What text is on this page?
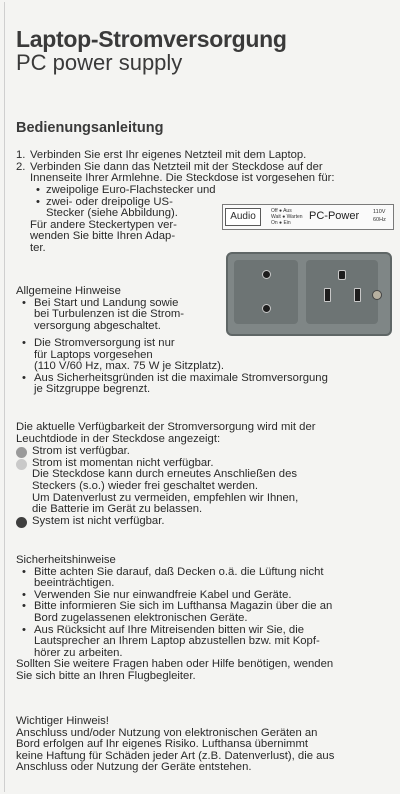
Laptop-Stromversorgung
PC power supply
Bedienungsanleitung
1. Verbinden Sie erst Ihr eigenes Netzteil mit dem Laptop.
2. Verbinden Sie dann das Netzteil mit der Steckdose auf der
Innenseite Ihrer Armlehne. Die Steckdose ist vorgesehen für:
• zweipolige Euro-Flachstecker und
• zwei- oder dreipolige US-
Stecker (siehe Abbildung).
Für andere Steckertypen ver-
wenden Sie bitte Ihren Adap-
ter.
Audio	Off ● Aus
Wait ● Warten
On ● Ein
PC-Power	110V
60Hz
Allgemeine Hinweise
• Bei Start und Landung sowie
bei Turbulenzen ist die Strom-
versorgung abgeschaltet.
• Die Stromversorgung ist nur
für Laptops vorgesehen
(110 V/60 Hz, max. 75 W je Sitzplatz).
• Aus Sicherheitsgründen ist die maximale Stromversorgung
je Sitzgruppe begrenzt.
Die aktuelle Verfügbarkeit der Stromversorgung wird mit der
Leuchtdiode in der Steckdose angezeigt:
Strom ist verfügbar.
Strom ist momentan nicht verfügbar.
Die Steckdose kann durch erneutes Anschließen des
Steckers (s.o.) wieder frei geschaltet werden.
Um Datenverlust zu vermeiden, empfehlen wir Ihnen,
die Batterie im Gerät zu belassen.
System ist nicht verfügbar.
Sicherheitshinweise
• Bitte achten Sie darauf, daß Decken o.ä. die Lüftung nicht
beeinträchtigen.
• Verwenden Sie nur einwandfreie Kabel und Geräte.
• Bitte informieren Sie sich im Lufthansa Magazin über die an
Bord zugelassenen elektronischen Geräte.
• Aus Rücksicht auf Ihre Mitreisenden bitten wir Sie, die
Lautsprecher an Ihrem Laptop abzustellen bzw. mit Kopf-
hörer zu arbeiten.
Sollten Sie weitere Fragen haben oder Hilfe benötigen, wenden
Sie sich bitte an Ihren Flugbegleiter.
Wichtiger Hinweis!
Anschluss und/oder Nutzung von elektronischen Geräten an
Bord erfolgen auf Ihr eigenes Risiko. Lufthansa übernimmt
keine Haftung für Schäden jeder Art (z.B. Datenverlust), die aus
Anschluss oder Nutzung der Geräte entstehen.
